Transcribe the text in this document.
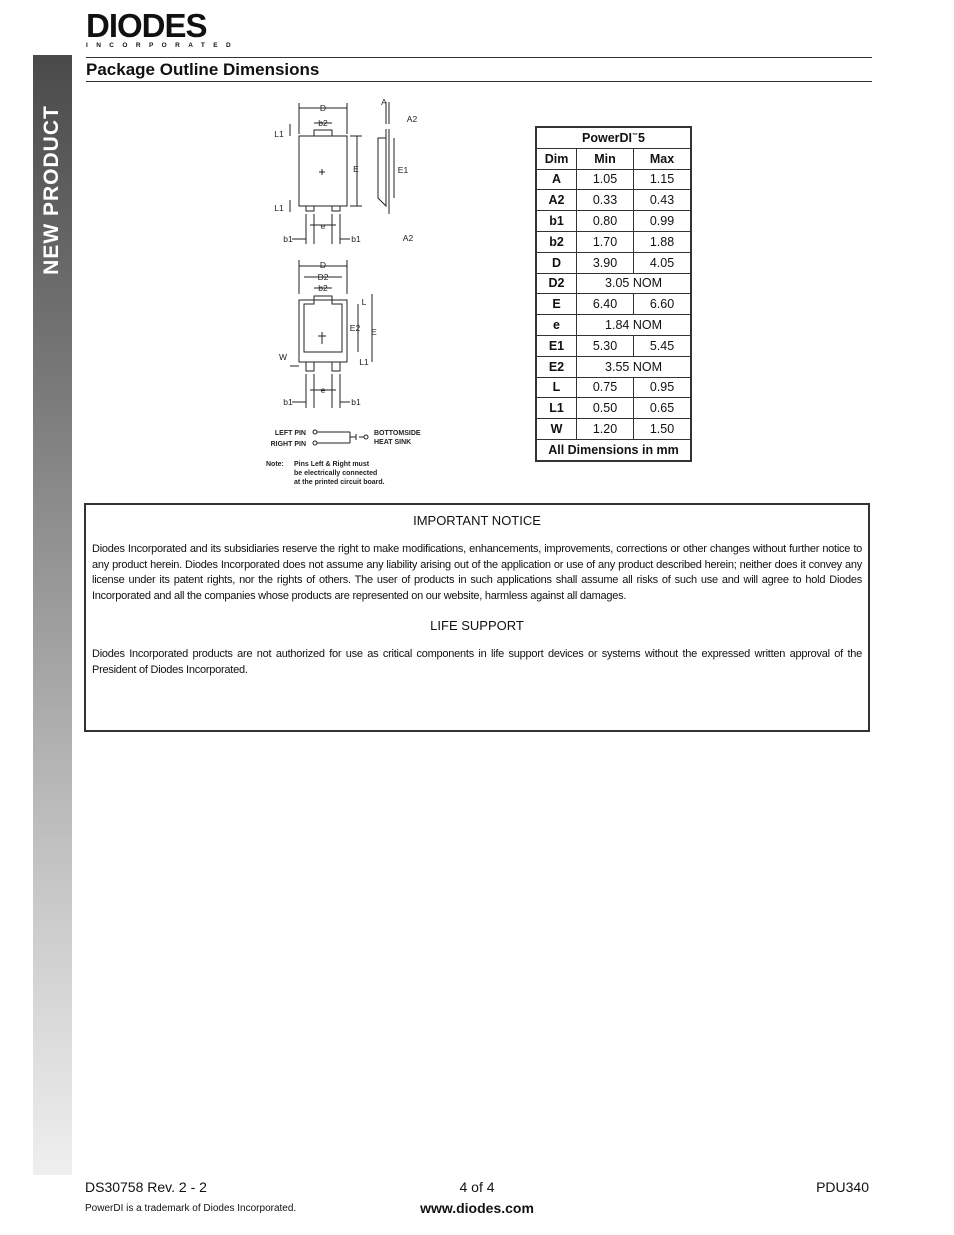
NEW PRODUCT
DIODES
INCORPORATED
Package Outline Dimensions
D
b2
L1
A
A2
E	E1
L1
e
b1	b1	A2
D
D2
b2
L
E2 E
W	L1
e
b1	b1
LEFT PIN
RIGHT PIN
BOTTOMSIDE
HEAT SINK
Note: Pins Left & Right must
be electrically connected
at the printed circuit board.
PowerDI™5		
Dim	Min	Max
A	1.05	1.15
A2	0.33	0.43
b1	0.80	0.99
b2	1.70	1.88
D	3.90	4.05
D2	3.05 NOM	
E	6.40	6.60
e	1.84 NOM	
E1	5.30	5.45
E2	3.55 NOM	
L	0.75	0.95
L1	0.50	0.65
W	1.20	1.50
All Dimensions in mm		
IMPORTANT NOTICE
Diodes Incorporated and its subsidiaries reserve the right to make modifications, enhancements, improvements, corrections or other changes without further notice to any product herein. Diodes Incorporated does not assume any liability arising out of the application or use of any product described herein; neither does it convey any license under its patent rights, nor the rights of others. The user of products in such applications shall assume all risks of such use and will agree to hold Diodes Incorporated and all the companies whose products are represented on our website, harmless against all damages.
LIFE SUPPORT
Diodes Incorporated products are not authorized for use as critical components in life support devices or systems without the expressed written approval of the President of Diodes Incorporated.
DS30758 Rev. 2 - 2	4 of 4	PDU340
PowerDI is a trademark of Diodes Incorporated.	www.diodes.com
